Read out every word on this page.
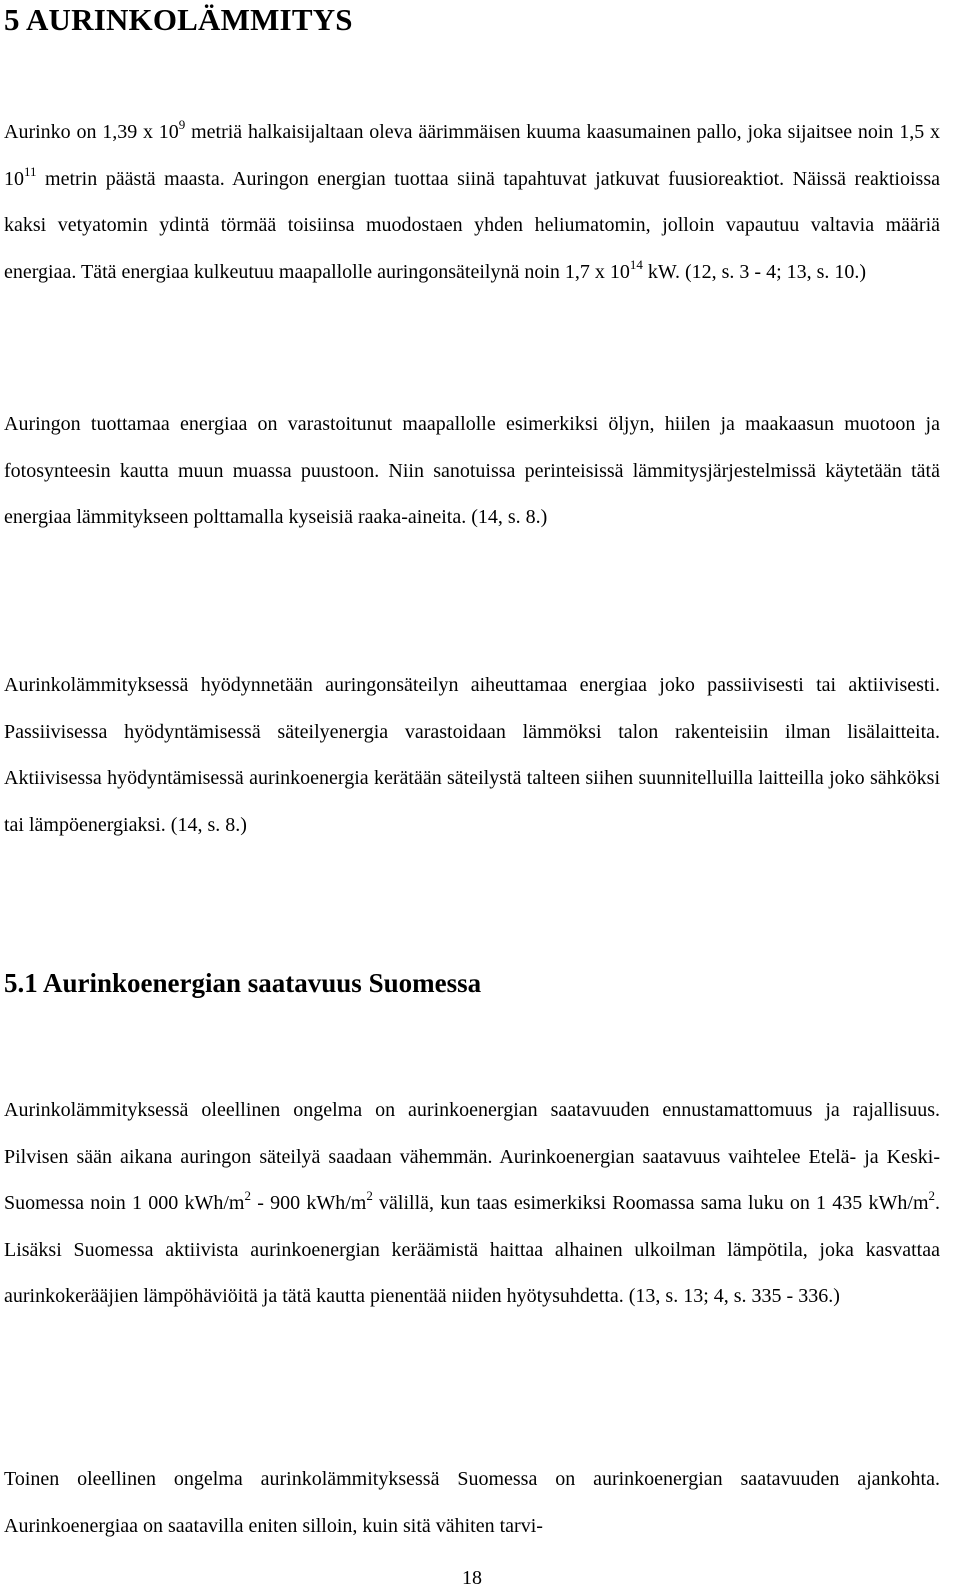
5 AURINKOLÄMMITYS

Aurinko on 1,39 x $10^9$ metriä halkaisijaltaan oleva äärimmäisen kuuma kaasumainen pallo, joka sijaitsee noin 1,5 x $10^{11}$ metrin päästä maasta. Auringon energian tuottaa siinä tapahtuvat jatkuvat fuusioreaktiot. Näissä reaktioissa kaksi vetyatomin ydintä törmää toisiinsa muodostaen yhden heliumatomin, jolloin vapautuu valtavia määriä energiaa. Tätä energiaa kulkeutuu maapallolle auringonsäteilynä noin 1,7 x $10^{14}$ kW. (12, s. 3 - 4; 13, s. 10.)

Auringon tuottamaa energiaa on varastoitunut maapallolle esimerkiksi öljyn, hiilen ja maakaasun muotoon ja fotosynteesin kautta muun muassa puustoon. Niin sanotuissa perinteisissä lämmitysjärjestelmissä käytetään tätä energiaa lämmitykseen polttamalla kyseisiä raaka-aineita. (14, s. 8.)

Aurinkolämmityksessä hyödynnetään auringonsäteilyn aiheuttamaa energiaa joko passiivisesti tai aktiivisesti. Passiivisessa hyödyntämisessä säteilyenergia varastoidaan lämmöksi talon rakenteisiin ilman lisälaitteita. Aktiivisessa hyödyntämisessä aurinkoenergia kerätään säteilystä talteen siihen suunnitelluilla laitteilla joko sähköksi tai lämpöenergiaksi. (14, s. 8.)

5.1 Aurinkoenergian saatavuus Suomessa

Aurinkolämmityksessä oleellinen ongelma on aurinkoenergian saatavuuden ennustamattomuus ja rajallisuus. Pilvisen sään aikana auringon säteilyä saadaan vähemmän. Aurinkoenergian saatavuus vaihtelee Etelä- ja Keski-Suomessa noin 1 000 kWh/$m^2 - 900$ kWh/$m^2$ välillä, kun taas esimerkiksi Roomassa sama luku on 1 435 kWh/$m^2$. Lisäksi Suomessa aktiivista aurinkoenergian keräämistä haittaa alhainen ulkoilman lämpötila, joka kasvattaa aurinkokerääjien lämpöhäviöitä ja tätä kautta pienentää niiden hyötysuhdetta. (13, s. 13; 4, s. 335 - 336.)

Toinen oleellinen ongelma aurinkolämmityksessä Suomessa on aurinkoenergian saatavuuden ajankohta. Aurinkoenergiaa on saatavilla eniten silloin, kuin sitä vähiten tarvi-

18
